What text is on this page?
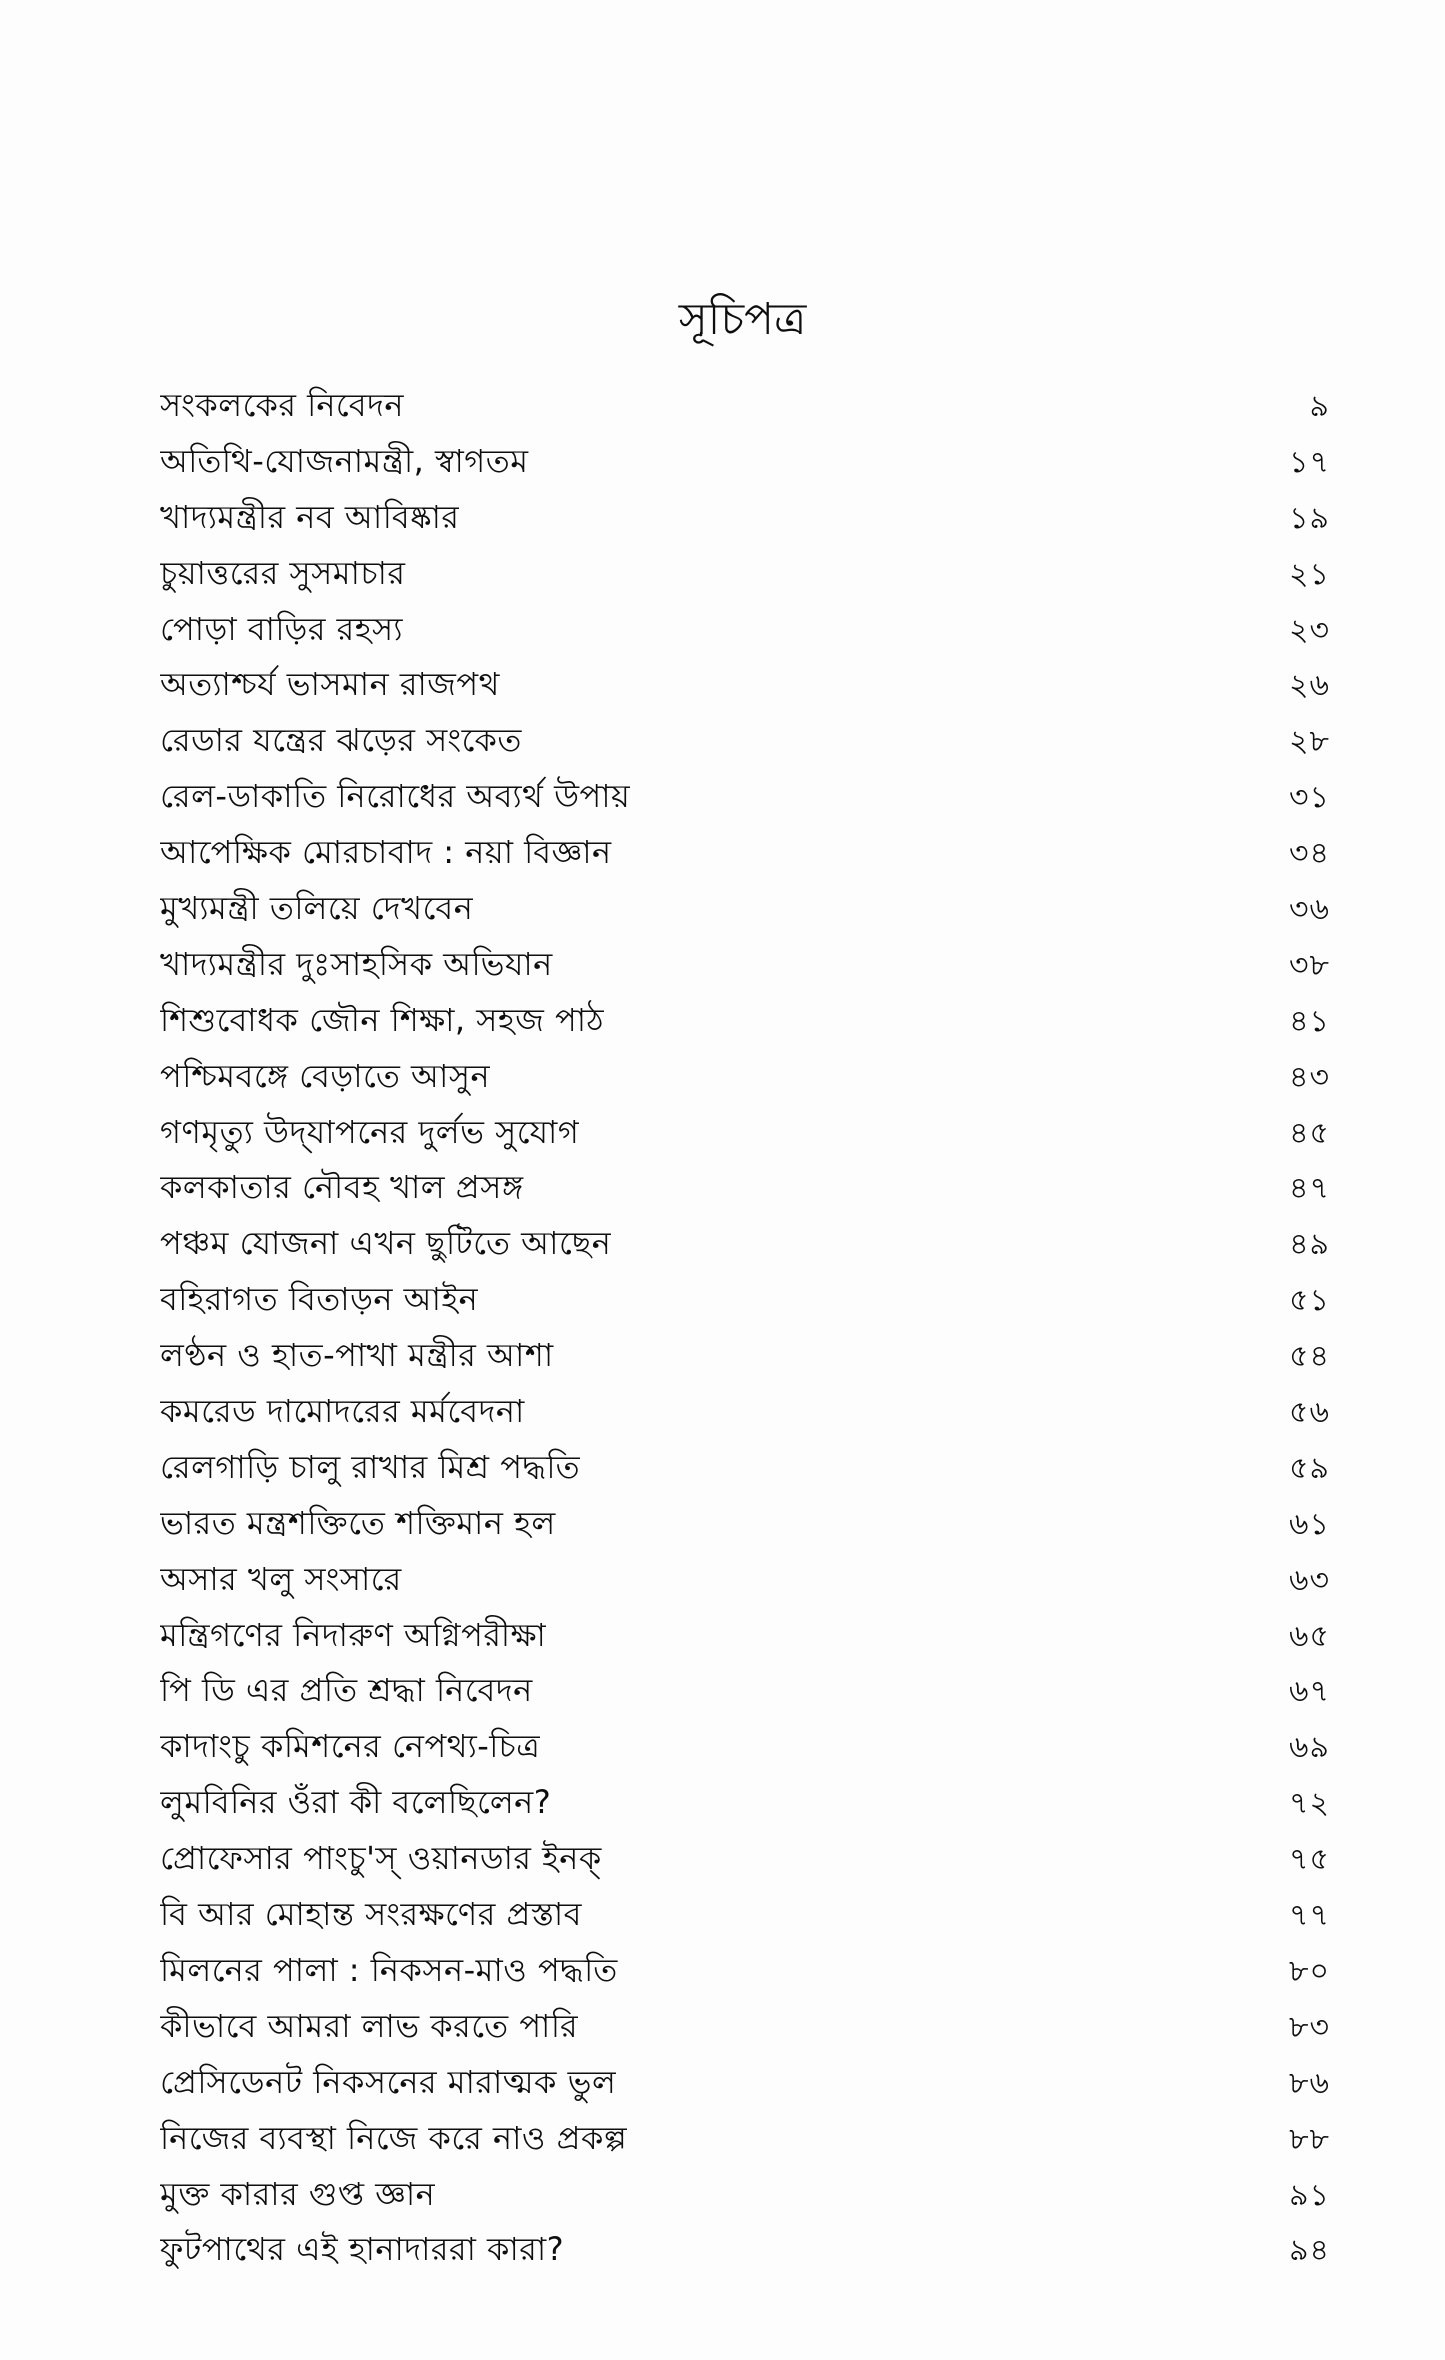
সূচিপত্র
সংকলকের নিবেদন	৯
অতিথি-যোজনামন্ত্রী, স্বাগতম	১৭
খাদ্যমন্ত্রীর নব আবিষ্কার	১৯
চুয়াত্তরের সুসমাচার	২১
পোড়া বাড়ির রহস্য	২৩
অত্যাশ্চর্য ভাসমান রাজপথ	২৬
রেডার যন্ত্রের ঝড়ের সংকেত	২৮
রেল-ডাকাতি নিরোধের অব্যর্থ উপায়	৩১
আপেক্ষিক মোরচাবাদ : নয়া বিজ্ঞান	৩৪
মুখ্যমন্ত্রী তলিয়ে দেখবেন	৩৬
খাদ্যমন্ত্রীর দুঃসাহসিক অভিযান	৩৮
শিশুবোধক জৌন শিক্ষা, সহজ পাঠ	৪১
পশ্চিমবঙ্গে বেড়াতে আসুন	৪৩
গণমৃত্যু উদ্‌যাপনের দুর্লভ সুযোগ	৪৫
কলকাতার নৌবহ খাল প্রসঙ্গ	৪৭
পঞ্চম যোজনা এখন ছুটিতে আছেন	৪৯
বহিরাগত বিতাড়ন আইন	৫১
লণ্ঠন ও হাত-পাখা মন্ত্রীর আশা	৫৪
কমরেড দামোদরের মর্মবেদনা	৫৬
রেলগাড়ি চালু রাখার মিশ্র পদ্ধতি	৫৯
ভারত মন্ত্রশক্তিতে শক্তিমান হল	৬১
অসার খলু সংসারে	৬৩
মন্ত্রিগণের নিদারুণ অগ্নিপরীক্ষা	৬৫
পি ডি এর প্রতি শ্রদ্ধা নিবেদন	৬৭
কাদাংচু কমিশনের নেপথ্য-চিত্র	৬৯
লুমবিনির ওঁরা কী বলেছিলেন?	৭২
প্রোফেসার পাংচু'স্ ওয়ানডার ইনক্	৭৫
বি আর মোহান্ত সংরক্ষণের প্রস্তাব	৭৭
মিলনের পালা : নিকসন-মাও পদ্ধতি	৮০
কীভাবে আমরা লাভ করতে পারি	৮৩
প্রেসিডেনট নিকসনের মারাত্মক ভুল	৮৬
নিজের ব্যবস্থা নিজে করে নাও প্রকল্প	৮৮
মুক্ত কারার গুপ্ত জ্ঞান	৯১
ফুটপাথের এই হানাদাররা কারা?	৯৪
